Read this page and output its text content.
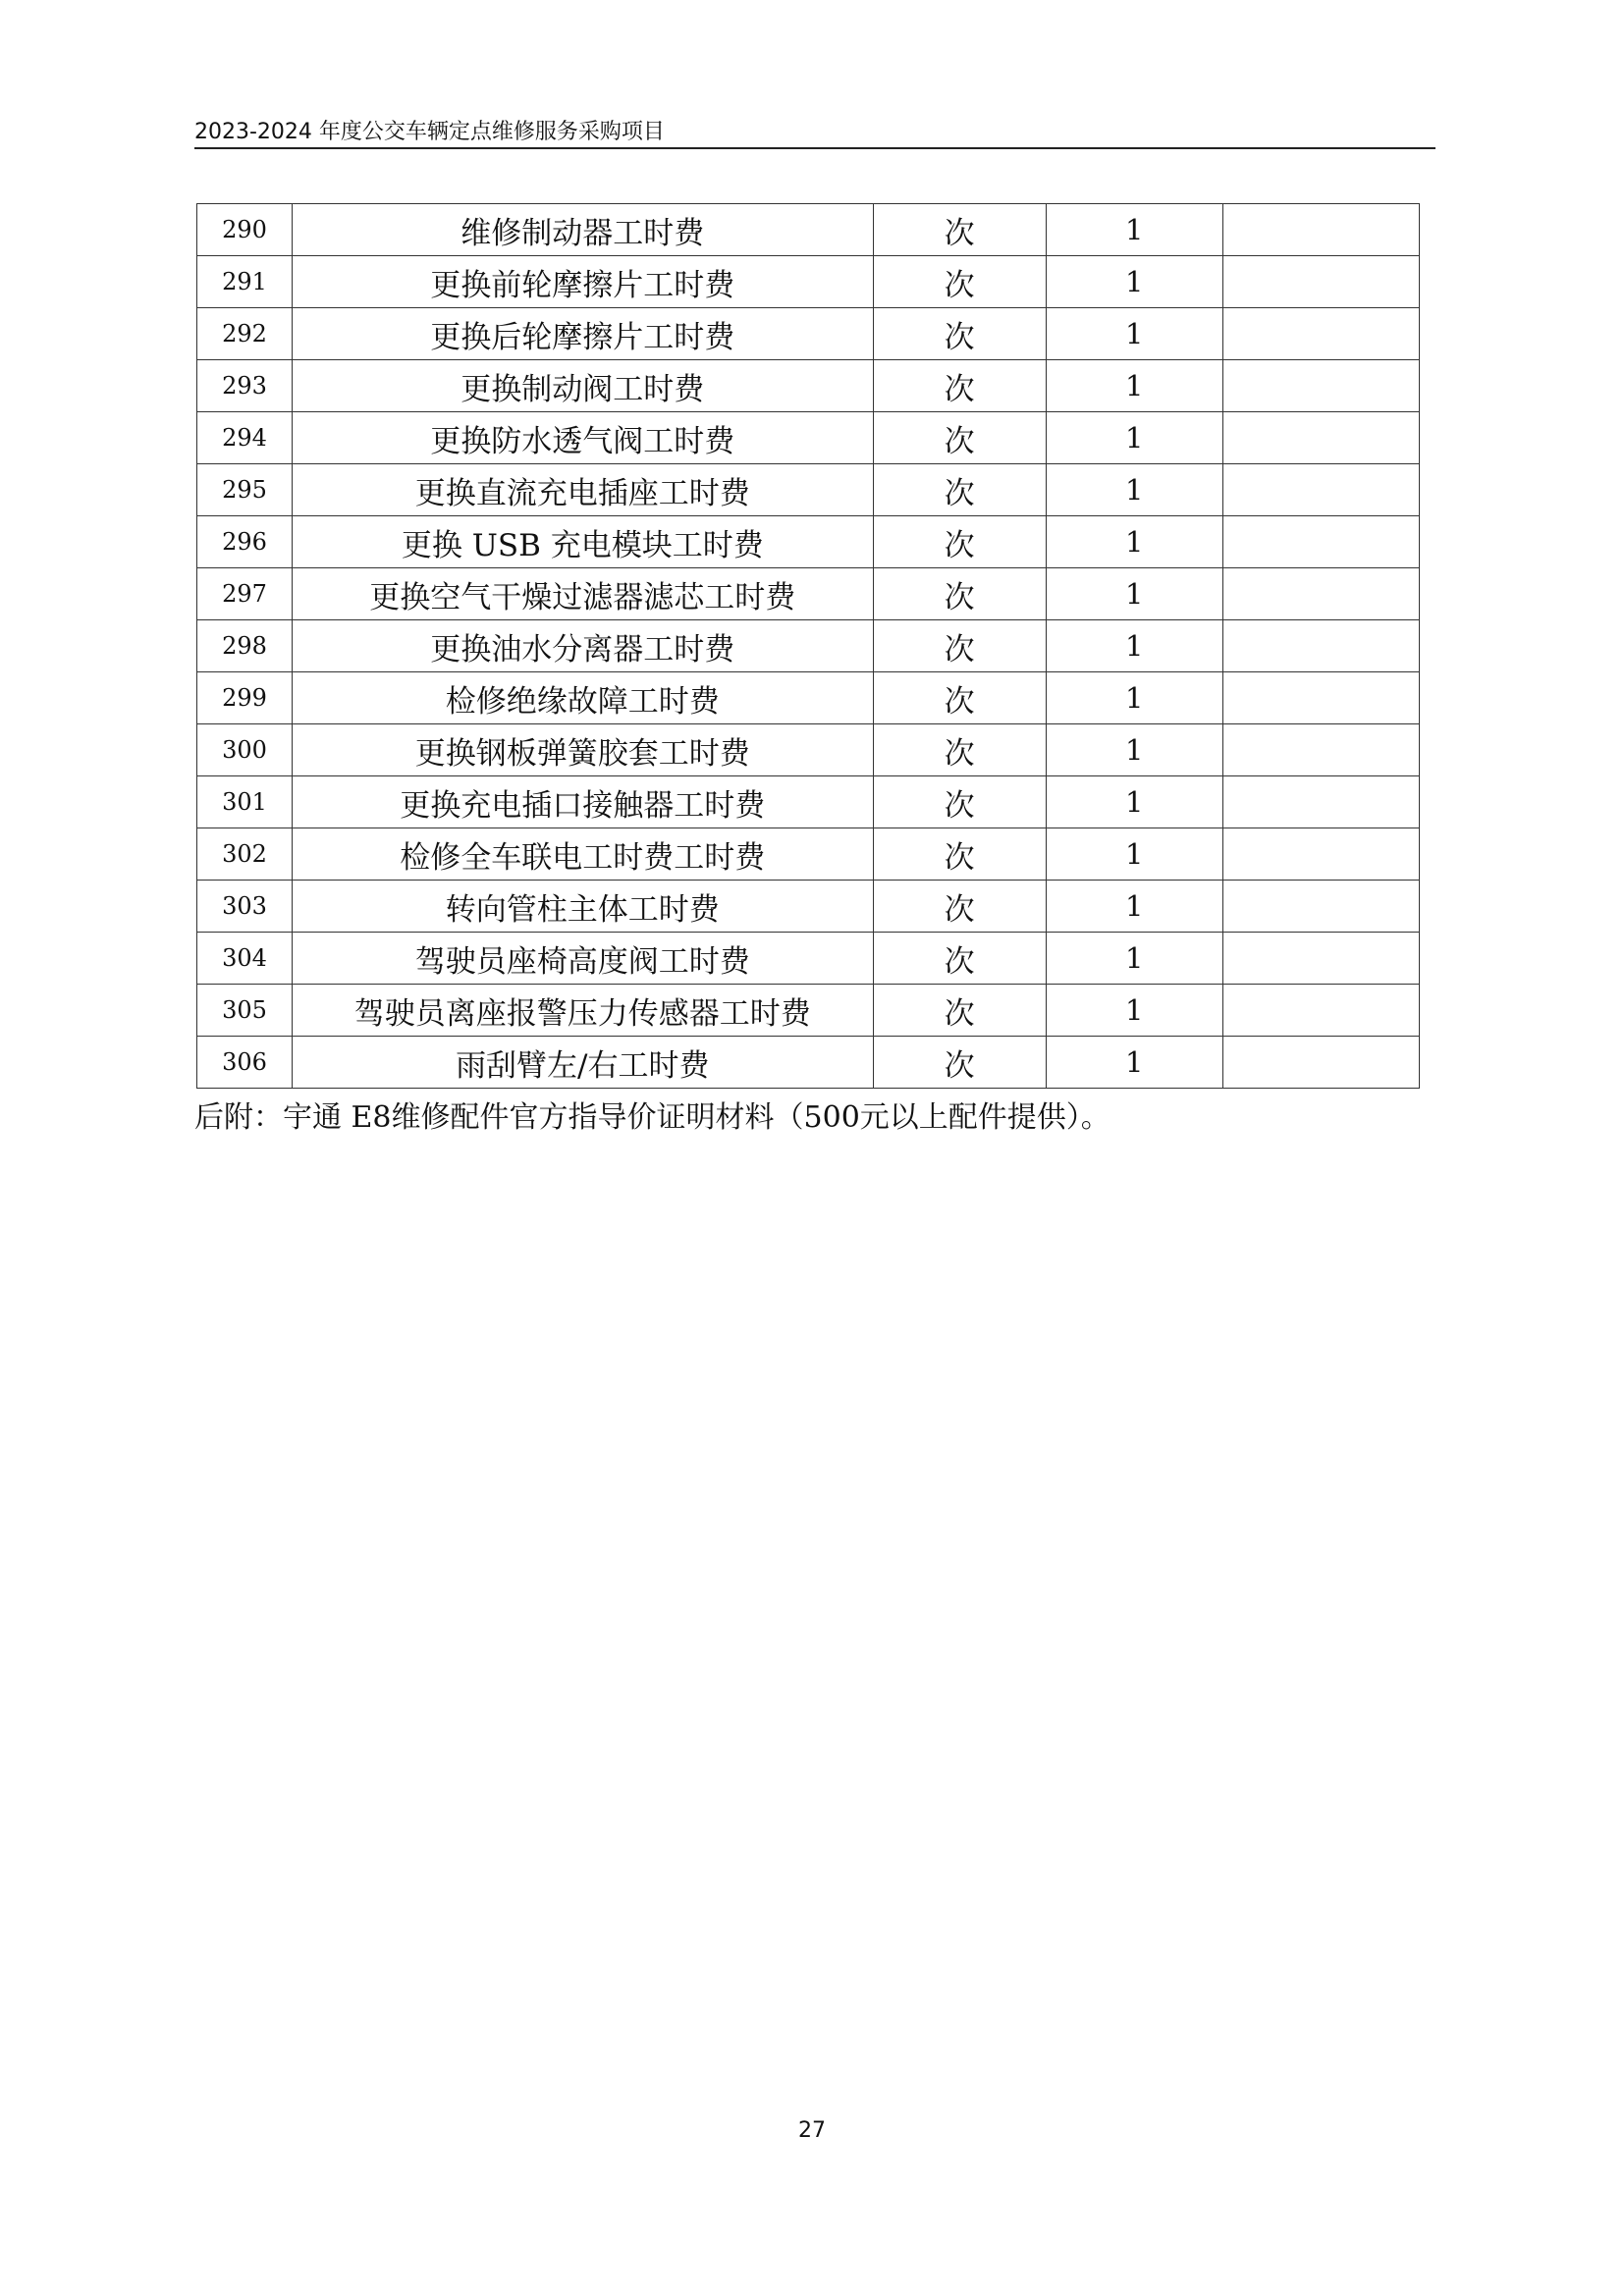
2023-2024 年度公交车辆定点维修服务采购项目
290	维修制动器工时费	次	1	
291	更换前轮摩擦片工时费	次	1	
292	更换后轮摩擦片工时费	次	1	
293	更换制动阀工时费	次	1	
294	更换防水透气阀工时费	次	1	
295	更换直流充电插座工时费	次	1	
296	更换 USB 充电模块工时费	次	1	
297	更换空气干燥过滤器滤芯工时费	次	1	
298	更换油水分离器工时费	次	1	
299	检修绝缘故障工时费	次	1	
300	更换钢板弹簧胶套工时费	次	1	
301	更换充电插口接触器工时费	次	1	
302	检修全车联电工时费工时费	次	1	
303	转向管柱主体工时费	次	1	
304	驾驶员座椅高度阀工时费	次	1	
305	驾驶员离座报警压力传感器工时费	次	1	
306	雨刮臂左/右工时费	次	1	
后附：宇通 E8维修配件官方指导价证明材料（500元以上配件提供）。
27
